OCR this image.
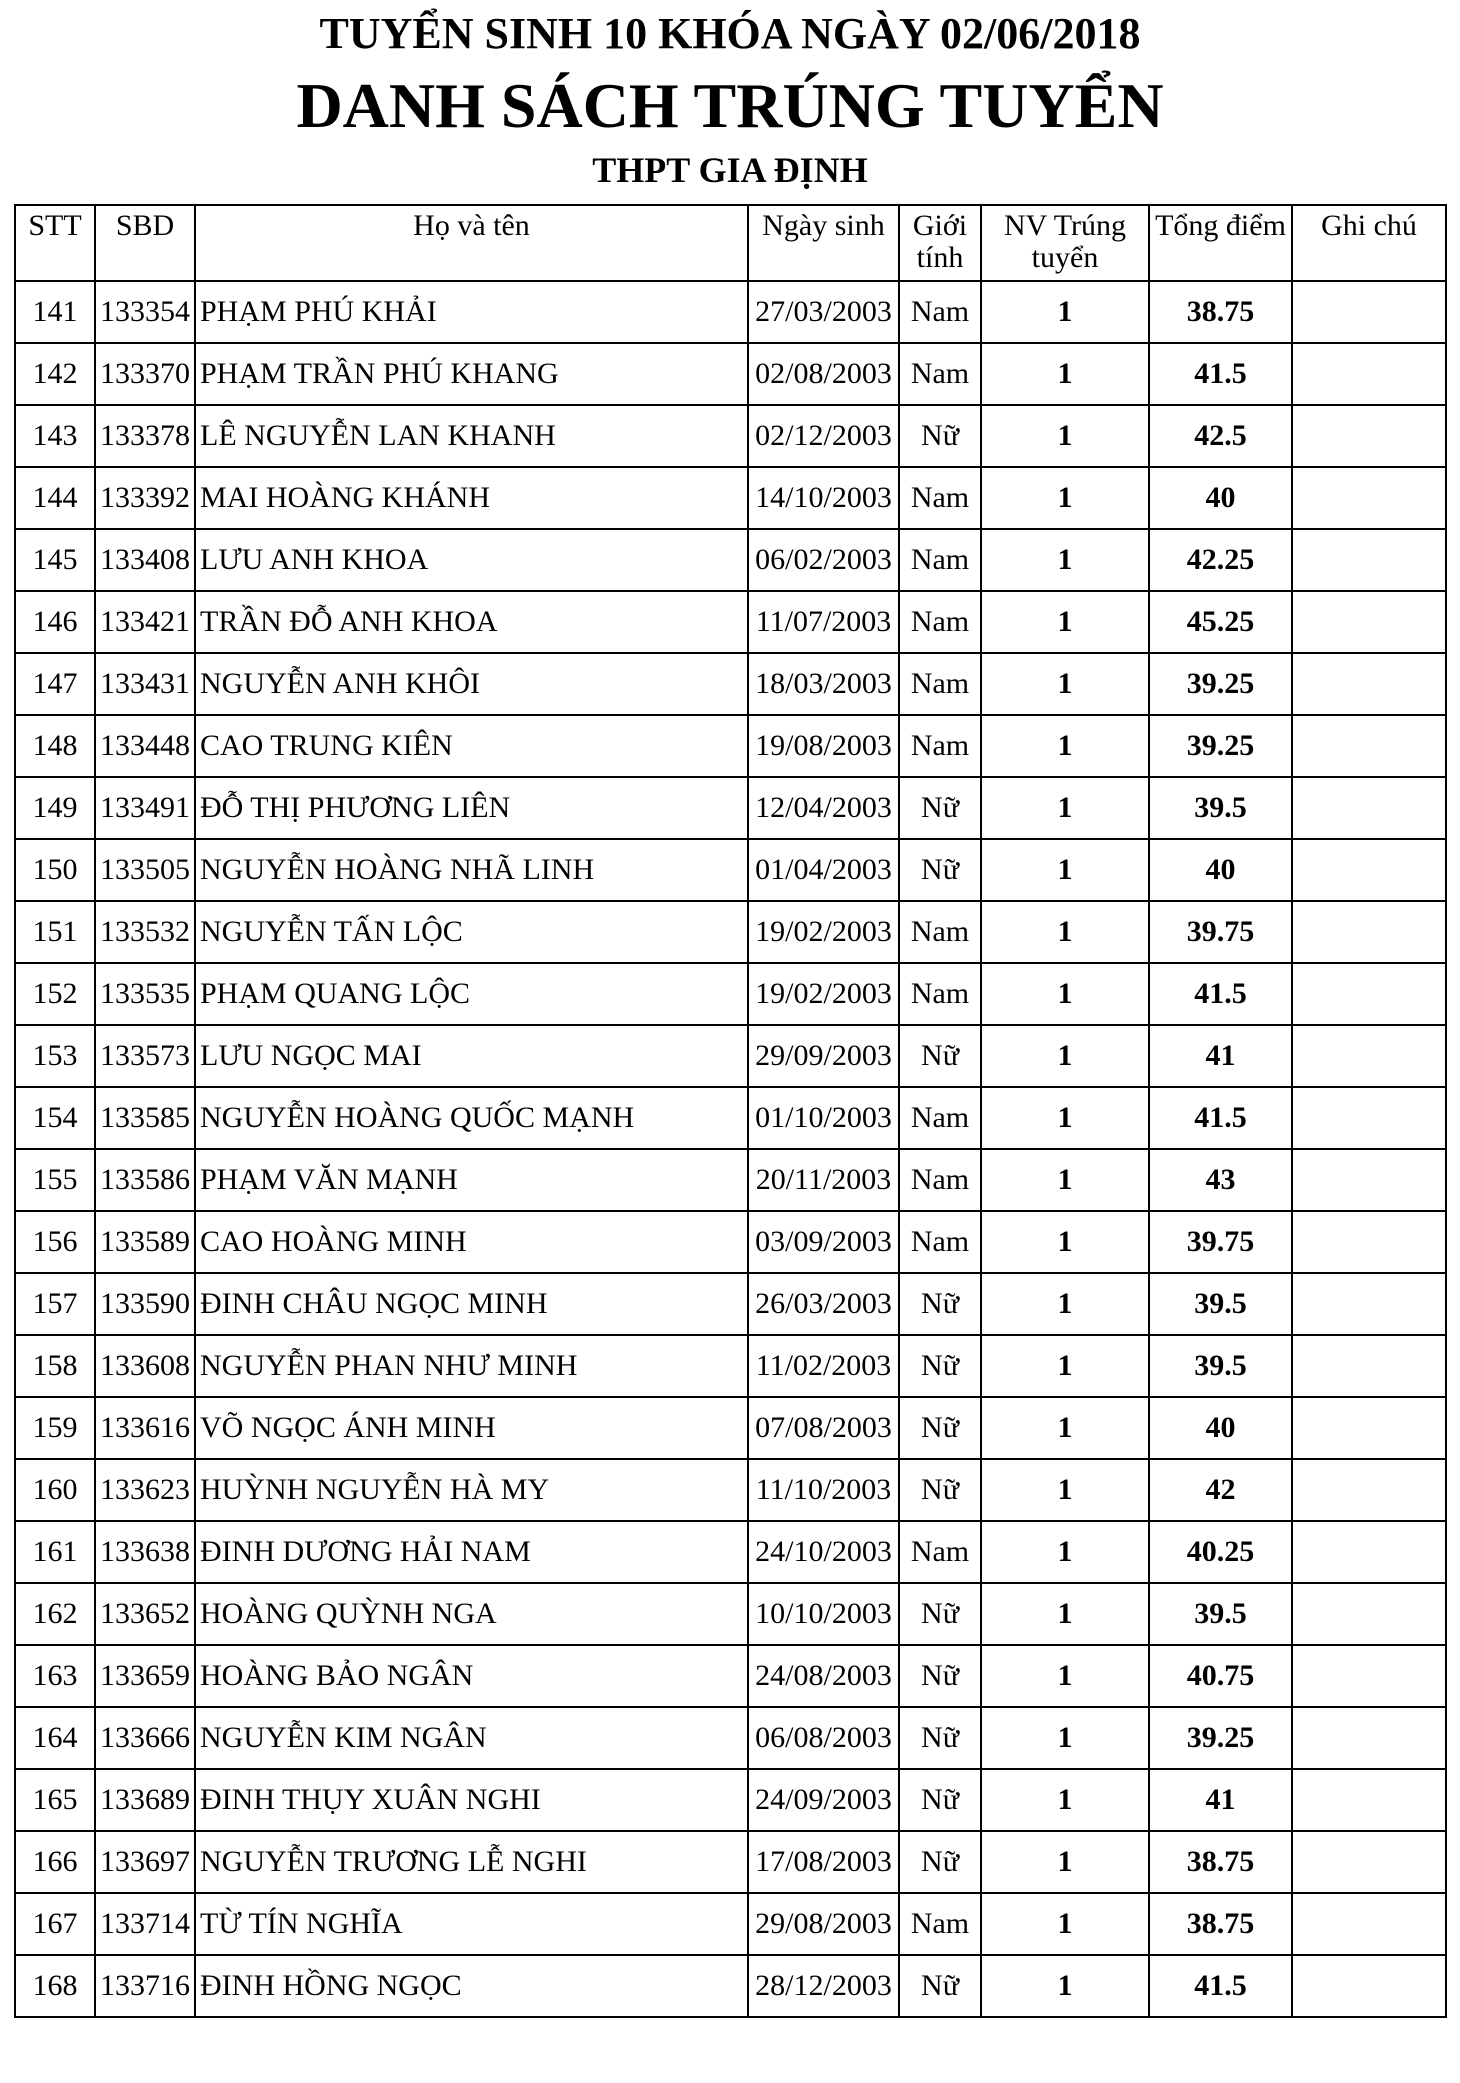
TUYỂN SINH 10 KHÓA NGÀY 02/06/2018
DANH SÁCH TRÚNG TUYỂN
THPT GIA ĐỊNH
STT	SBD	Họ và tên	Ngày sinh	Giới tính	NV Trúng tuyển	Tổng điểm	Ghi chú
141	133354	PHẠM PHÚ KHẢI	27/03/2003	Nam	1	38.75	
142	133370	PHẠM TRẦN PHÚ KHANG	02/08/2003	Nam	1	41.5	
143	133378	LÊ NGUYỄN LAN KHANH	02/12/2003	Nữ	1	42.5	
144	133392	MAI HOÀNG KHÁNH	14/10/2003	Nam	1	40	
145	133408	LƯU ANH KHOA	06/02/2003	Nam	1	42.25	
146	133421	TRẦN ĐỖ ANH KHOA	11/07/2003	Nam	1	45.25	
147	133431	NGUYỄN ANH KHÔI	18/03/2003	Nam	1	39.25	
148	133448	CAO TRUNG KIÊN	19/08/2003	Nam	1	39.25	
149	133491	ĐỖ THỊ PHƯƠNG LIÊN	12/04/2003	Nữ	1	39.5	
150	133505	NGUYỄN HOÀNG NHÃ LINH	01/04/2003	Nữ	1	40	
151	133532	NGUYỄN TẤN LỘC	19/02/2003	Nam	1	39.75	
152	133535	PHẠM QUANG LỘC	19/02/2003	Nam	1	41.5	
153	133573	LƯU NGỌC MAI	29/09/2003	Nữ	1	41	
154	133585	NGUYỄN HOÀNG QUỐC MẠNH	01/10/2003	Nam	1	41.5	
155	133586	PHẠM VĂN MẠNH	20/11/2003	Nam	1	43	
156	133589	CAO HOÀNG MINH	03/09/2003	Nam	1	39.75	
157	133590	ĐINH CHÂU NGỌC MINH	26/03/2003	Nữ	1	39.5	
158	133608	NGUYỄN PHAN NHƯ MINH	11/02/2003	Nữ	1	39.5	
159	133616	VÕ NGỌC ÁNH MINH	07/08/2003	Nữ	1	40	
160	133623	HUỲNH NGUYỄN HÀ MY	11/10/2003	Nữ	1	42	
161	133638	ĐINH DƯƠNG HẢI NAM	24/10/2003	Nam	1	40.25	
162	133652	HOÀNG QUỲNH NGA	10/10/2003	Nữ	1	39.5	
163	133659	HOÀNG BẢO NGÂN	24/08/2003	Nữ	1	40.75	
164	133666	NGUYỄN KIM NGÂN	06/08/2003	Nữ	1	39.25	
165	133689	ĐINH THỤY XUÂN NGHI	24/09/2003	Nữ	1	41	
166	133697	NGUYỄN TRƯƠNG LỄ NGHI	17/08/2003	Nữ	1	38.75	
167	133714	TỪ TÍN NGHĨA	29/08/2003	Nam	1	38.75	
168	133716	ĐINH HỒNG NGỌC	28/12/2003	Nữ	1	41.5	
